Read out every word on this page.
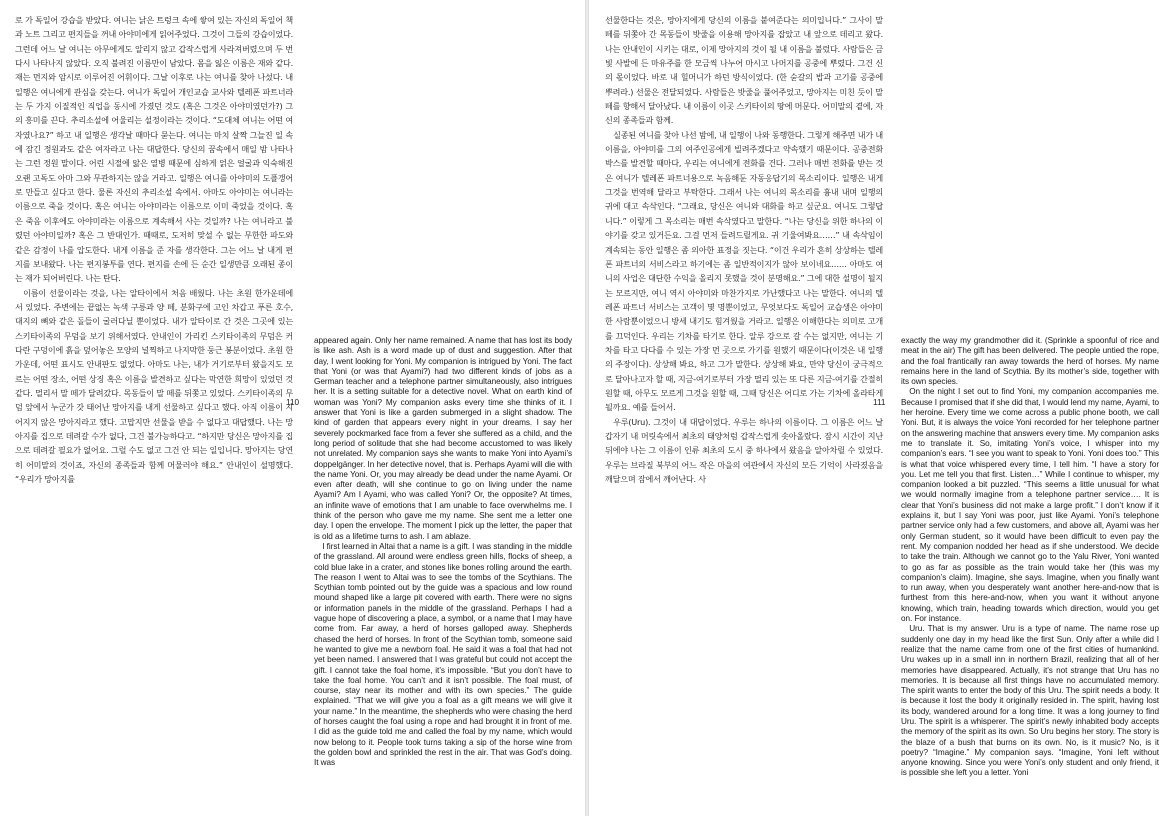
로 가 독일어 강습을 받았다. 여니는 낡은 트렁크 속에 쌓여 있는 자신의 독일어 책과 노트 그리고 편지들을 꺼내 아야미에게 읽어주었다. 그것이 그들의 강습이었다. 그런데 어느 날 여니는 아무에게도 알리지 않고 갑작스럽게 사라져버렸으며 두 번 다시 나타나지 않았다. 오직 불려진 이름만이 남았다. 몸을 잃은 이름은 재와 같다. 재는 먼지와 암시로 이루어진 어휘이다. 그날 이후로 나는 여니를 찾아 나섰다. 내 일행은 여니에게 관심을 갖는다. 여니가 독일어 개인교습 교사와 텔레폰 파트너라는 두 가지 이질적인 직업을 동시에 가졌던 것도 (혹은 그것은 아야미였던가?) 그의 흥미를 끈다. 추리소설에 어울리는 설정이라는 것이다. “도대체 여니는 어떤 여자였나요?” 하고 내 일행은 생각날 때마다 묻는다. 여니는 마치 살짝 그늘진 일 속에 잠긴 정원과도 같은 여자라고 나는 대답한다. 당신의 꿈속에서 매일 밤 나타나는 그런 정원 말이다. 어린 시절에 앓은 열병 때문에 심하게 얽은 얼굴과 익숙해진 오랜 고독도 아마 그와 무관하지는 않을 거라고. 일행은 여니를 아야미의 도플갱어로 만들고 싶다고 한다. 물론 자신의 추리소설 속에서. 아마도 아야미는 여니라는 이름으로 죽을 것이다. 혹은 여니는 아야미라는 이름으로 이미 죽었을 것이다. 혹은 죽음 이후에도 아야미라는 이름으로 계속해서 사는 것일까? 나는 여니라고 불렸던 아야미일까? 혹은 그 반대인가. 때때로, 도저히 맞설 수 없는 무한한 파도와 같은 감정이 나를 압도한다. 내게 이름을 준 자를 생각한다. 그는 어느 날 내게 편지를 보내왔다. 나는 편지봉투를 연다. 편지를 손에 든 순간 일생만큼 오래된 종이는 재가 되어버린다. 나는 탄다.

이름이 선물이라는 것을, 나는 알타이에서 처음 배웠다. 나는 초원 한가운데에 서 있었다. 주변에는 끝없는 녹색 구릉과 양 떼, 분화구에 고인 차갑고 푸른 호수, 대지의 뼈와 같은 돌들이 굴러다닐 뿐이었다. 내가 알타이로 간 것은 그곳에 있는 스키타이족의 무덤을 보기 위해서였다. 안내인이 가리킨 스키타이족의 무덤은 커다란 구덩이에 흙을 덮어놓은 모양의 널찍하고 나지막한 둥근 봉분이었다. 초원 한가운데, 어떤 표시도 안내판도 없었다. 아마도 나는, 내가 거기로부터 왔을지도 모르는 어떤 장소, 어떤 상징 혹은 이름을 발견하고 싶다는 막연한 희망이 있었던 것 같다. 멀리서 말 떼가 달려갔다. 목동들이 말 떼를 뒤쫓고 있었다. 스키타이족의 무덤 앞에서 누군가 갓 태어난 망아지를 내게 선물하고 싶다고 했다. 아직 이름이 지어지지 않은 망아지라고 했다. 고맙지만 선물을 받을 수 없다고 대답했다. 나는 망아지를 집으로 데려갈 수가 없다, 그건 불가능하다고. “하지만 당신은 망아지를 집으로 데려갈 필요가 없어요. 그럴 수도 없고 그건 안 되는 일입니다. 망아지는 당연히 어미말의 것이죠, 자신의 종족들과 함께 머물러야 해요.” 안내인이 설명했다. “우리가 망아지를

110

appeared again. Only her name remained. A name that has lost its body is like ash. Ash is a word made up of dust and suggestion. After that day, I went looking for Yoni. My companion is intrigued by Yoni. The fact that Yoni (or was that Ayami?) had two different kinds of jobs as a German teacher and a telephone partner simultaneously, also intrigues her. It is a setting suitable for a detective novel. What on earth kind of woman was Yoni? My companion asks every time she thinks of it. I answer that Yoni is like a garden submerged in a slight shadow. The kind of garden that appears every night in your dreams. I say her severely pockmarked face from a fever she suffered as a child, and the long period of solitude that she had become accustomed to was likely not unrelated. My companion says she wants to make Yoni into Ayami’s doppelgänger. In her detective novel, that is. Perhaps Ayami will die with the name Yoni. Or, you may already be dead under the name Ayami. Or even after death, will she continue to go on living under the name Ayami? Am I Ayami, who was called Yoni? Or, the opposite? At times, an infinite wave of emotions that I am unable to face overwhelms me. I think of the person who gave me my name. She sent me a letter one day. I open the envelope. The moment I pick up the letter, the paper that is old as a lifetime turns to ash. I am ablaze.

I first learned in Altai that a name is a gift. I was standing in the middle of the grassland. All around were endless green hills, flocks of sheep, a cold blue lake in a crater, and stones like bones rolling around the earth. The reason I went to Altai was to see the tombs of the Scythians. The Scythian tomb pointed out by the guide was a spacious and low round mound shaped like a large pit covered with earth. There were no signs or information panels in the middle of the grassland. Perhaps I had a vague hope of discovering a place, a symbol, or a name that I may have come from. Far away, a herd of horses galloped away. Shepherds chased the herd of horses. In front of the Scythian tomb, someone said he wanted to give me a newborn foal. He said it was a foal that had not yet been named. I answered that I was grateful but could not accept the gift. I cannot take the foal home, it’s impossible. “But you don’t have to take the foal home. You can’t and it isn’t possible. The foal must, of course, stay near its mother and with its own species.” The guide explained. “That we will give you a foal as a gift means we will give it your name.” In the meantime, the shepherds who were chasing the herd of horses caught the foal using a rope and had brought it in front of me. I did as the guide told me and called the foal by my name, which would now belong to it. People took turns taking a sip of the horse wine from the golden bowl and sprinkled the rest in the air. That was God’s doing. It was

선물한다는 것은, 망아지에게 당신의 이름을 붙여준다는 의미입니다.” 그사이 말 떼를 뒤쫓아 간 목동들이 밧줄을 이용해 망아지를 잡았고 내 앞으로 데리고 왔다. 나는 안내인이 시키는 대로, 이제 망아지의 것이 될 내 이름을 불렀다. 사람들은 금빛 사발에 든 마유주를 한 모금씩 나누어 마시고 나머지를 공중에 뿌렸다. 그건 신의 몫이었다. 바로 내 힐머니가 하던 방식이었다. (한 숟갈의 밥과 고기를 공중에 뿌려라.) 선물은 전달되었다. 사람들은 밧줄을 풀어주었고, 망아지는 미친 듯이 말 떼를 향해서 달아났다. 내 이름이 이곳 스키타이의 땅에 머문다. 어미말의 곁에, 자신의 종족들과 함께.

실종된 여니를 찾아 나선 밤에, 내 일행이 나와 동행한다. 그렇게 해주면 내가 내 이름을, 아야미를 그의 여주인공에게 빌려주겠다고 약속했기 때문이다. 공중전화 박스를 발견할 때마다, 우리는 여니에게 전화를 건다. 그러나 매번 전화를 받는 것은 여니가 텔레폰 파트너용으로 녹음해둔 자동응답기의 목소리이다. 일행은 내게 그것을 번역해 달라고 부탁한다. 그래서 나는 여니의 목소리를 흉내 내며 일행의 귀에 대고 속삭인다. “그래요, 당신은 여니와 대화를 하고 싶군요. 여니도 그렇답니다.” 이렇게 그 목소리는 매번 속삭였다고 말한다. “나는 당신을 위한 하나의 이야기를 갖고 있거든요. 그걸 먼저 들려드릴게요. 귀 기울여봐요……” 내 속삭임이 계속되는 동안 일행은 좀 의아한 표정을 짓는다. “이건 우리가 흔히 상상하는 텔레폰 파트너의 서비스라고 하기에는 좀 일반적이지가 않아 보이네요…… 아마도 여니의 사업은 대단한 수익을 올리지 못했을 것이 분명해요.” 그에 대한 설명이 될지는 모르지만, 여니 역시 아야미와 마찬가지로 가난했다고 나는 말한다. 여니의 텔레폰 파트너 서비스는 고객이 몇 명뿐이었고, 무엇보다도 독일어 교습생은 아야미 한 사람뿐이었으니 방세 내기도 힘겨웠을 거라고. 일행은 이해한다는 의미로 고개를 끄덕인다. 우리는 기차를 타기로 한다. 알루 강으로 갈 수는 없지만, 여니는 기차를 타고 다다를 수 있는 가장 먼 곳으로 가기를 원했기 때문이다(이것은 내 일행의 주장이다). 상상해 봐요, 하고 그가 말한다. 상상해 봐요, 만약 당신이 궁극적으로 달아나고자 할 때, 지금-여기로부터 가장 멀리 있는 또 다른 지금-여기를 간절히 원할 때, 아무도 모르게 그것을 원할 때, 그때 당신은 어디로 가는 기차에 올라타게 될까요. 예를 들어서.

우루(Uru). 그것이 내 대답이었다. 우루는 하나의 이름이다. 그 이름은 어느 날 갑자기 내 머릿속에서 최초의 태양처럼 갑작스럽게 솟아올랐다. 잠시 시간이 지난 뒤에야 나는 그 이름이 인류 최초의 도시 중 하나에서 왔음을 알아차릴 수 있었다. 우루는 브라질 북부의 어느 작은 마을의 여관에서 자신의 모든 기억이 사라졌음을 깨달으며 잠에서 깨어난다. 사

111

exactly the way my grandmother did it. (Sprinkle a spoonful of rice and meat in the air) The gift has been delivered. The people untied the rope, and the foal frantically ran away towards the herd of horses. My name remains here in the land of Scythia. By its mother’s side, together with its own species.

On the night I set out to find Yoni, my companion accompanies me. Because I promised that if she did that, I would lend my name, Ayami, to her heroine. Every time we come across a public phone booth, we call Yoni. But, it is always the voice Yoni recorded for her telephone partner on the answering machine that answers every time. My companion asks me to translate it. So, imitating Yoni’s voice, I whisper into my companion’s ears. “I see you want to speak to Yoni. Yoni does too.” This is what that voice whispered every time, I tell him. “I have a story for you. Let me tell you that first. Listen…” While I continue to whisper, my companion looked a bit puzzled. “This seems a little unusual for what we would normally imagine from a telephone partner service…. It is clear that Yoni’s business did not make a large profit.” I don’t know if it explains it, but I say Yoni was poor, just like Ayami. Yoni’s telephone partner service only had a few customers, and above all, Ayami was her only German student, so it would have been difficult to even pay the rent. My companion nodded her head as if she understood. We decide to take the train. Although we cannot go to the Yalu River, Yoni wanted to go as far as possible as the train would take her (this was my companion’s claim). Imagine, she says. Imagine, when you finally want to run away, when you desperately want another here-and-now that is furthest from this here-and-now, when you want it without anyone knowing, which train, heading towards which direction, would you get on. For instance.

Uru. That is my answer. Uru is a type of name. The name rose up suddenly one day in my head like the first Sun. Only after a while did I realize that the name came from one of the first cities of humankind. Uru wakes up in a small inn in northern Brazil, realizing that all of her memories have disappeared. Actually, it’s not strange that Uru has no memories. It is because all first things have no accumulated memory. The spirit wants to enter the body of this Uru. The spirit needs a body. It is because it lost the body it originally resided in. The spirit, having lost its body, wandered around for a long time. It was a long journey to find Uru. The spirit is a whisperer. The spirit’s newly inhabited body accepts the memory of the spirit as its own. So Uru begins her story. The story is the blaze of a bush that burns on its own. No, is it music? No, is it poetry? “Imagine.” My companion says. “Imagine, Yoni left without anyone knowing. Since you were Yoni’s only student and only friend, it is possible she left you a letter. Yoni
